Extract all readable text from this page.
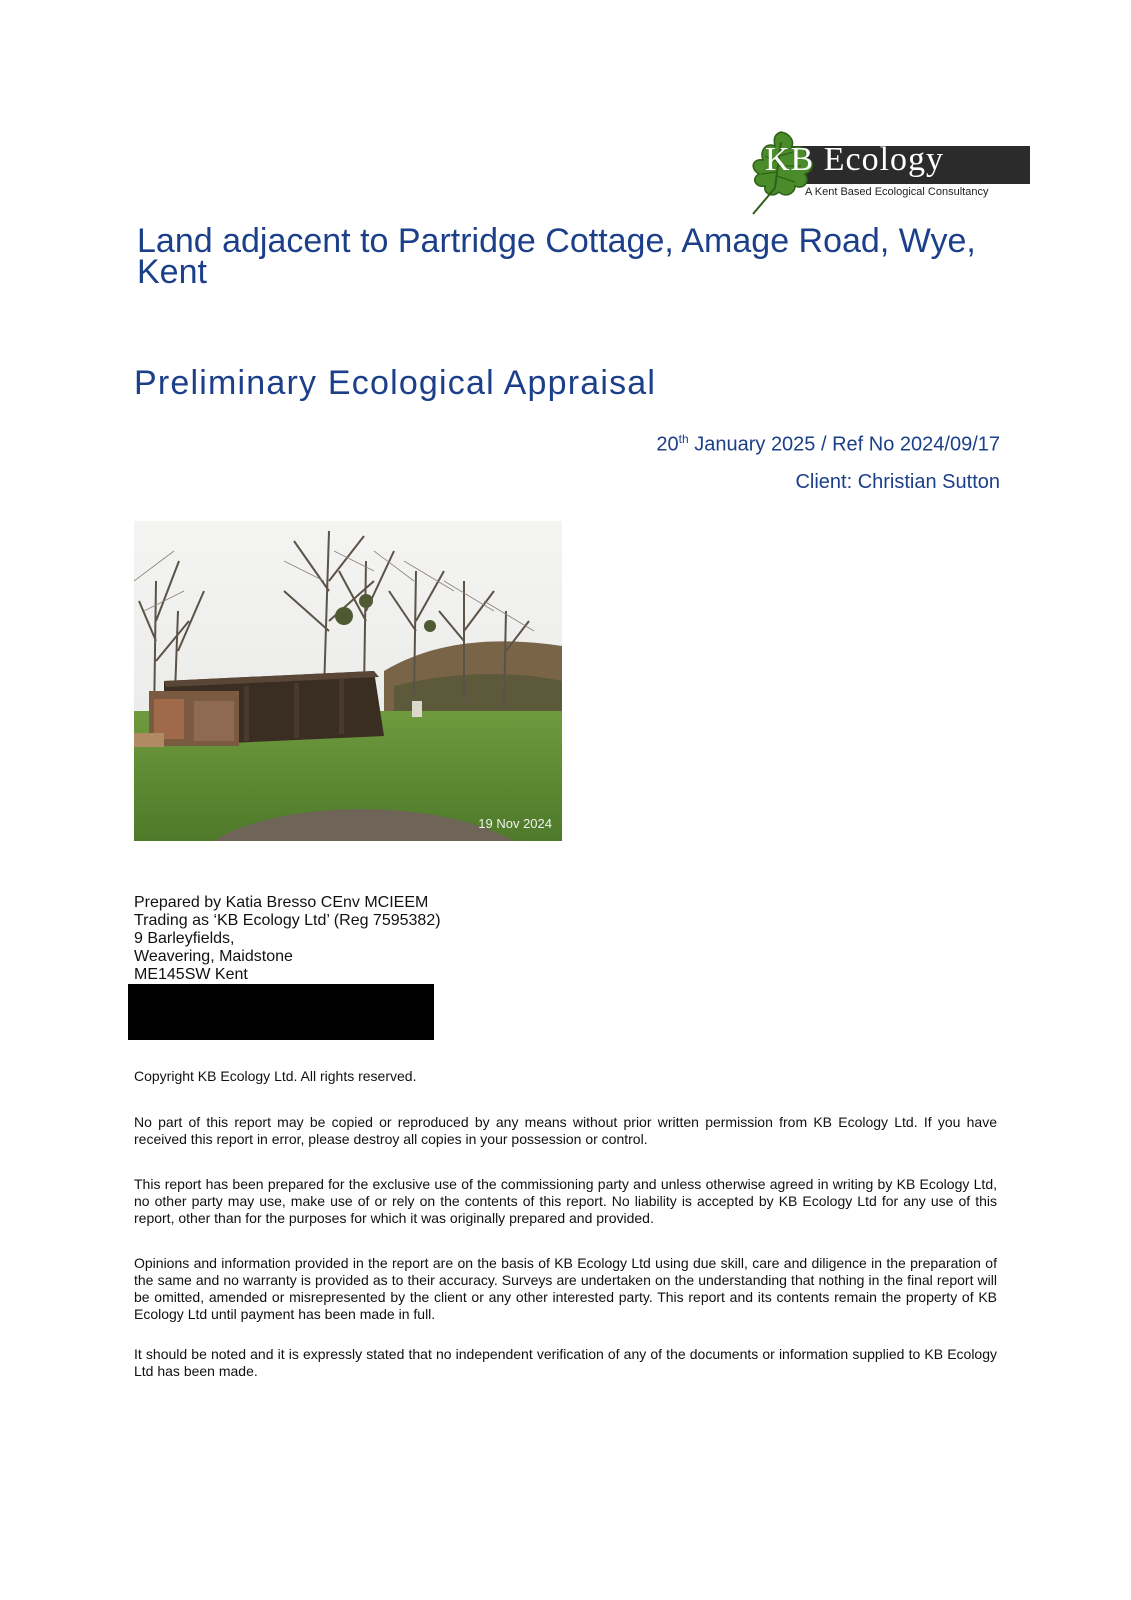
KB Ecology
A Kent Based Ecological Consultancy
Land adjacent to Partridge Cottage, Amage Road, Wye, Kent
Preliminary Ecological Appraisal
20th January 2025 / Ref No 2024/09/17
Client: Christian Sutton
19 Nov 2024
Prepared by Katia Bresso CEnv MCIEEM
Trading as ‘KB Ecology Ltd’ (Reg 7595382)
9 Barleyfields,
Weavering, Maidstone
ME145SW Kent

Copyright KB Ecology Ltd. All rights reserved.

No part of this report may be copied or reproduced by any means without prior written permission from KB Ecology Ltd. If you have received this report in error, please destroy all copies in your possession or control.

This report has been prepared for the exclusive use of the commissioning party and unless otherwise agreed in writing by KB Ecology Ltd, no other party may use, make use of or rely on the contents of this report. No liability is accepted by KB Ecology Ltd for any use of this report, other than for the purposes for which it was originally prepared and provided.

Opinions and information provided in the report are on the basis of KB Ecology Ltd using due skill, care and diligence in the preparation of the same and no warranty is provided as to their accuracy. Surveys are undertaken on the understanding that nothing in the final report will be omitted, amended or misrepresented by the client or any other interested party. This report and its contents remain the property of KB Ecology Ltd until payment has been made in full.

It should be noted and it is expressly stated that no independent verification of any of the documents or information supplied to KB Ecology Ltd has been made.
